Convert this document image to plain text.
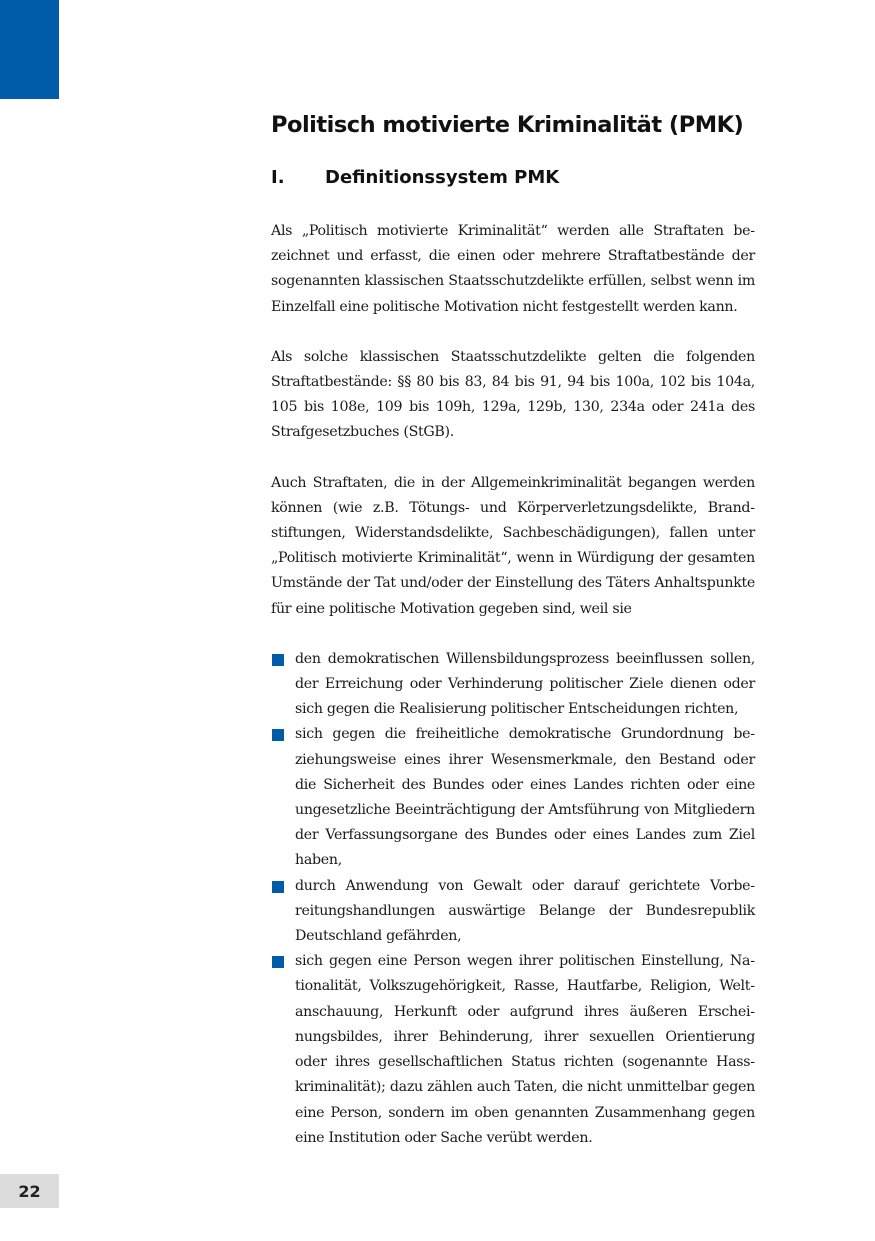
Politisch motivierte Kriminalität (PMK)
I.	Definitionssystem PMK

Als „Politisch motivierte Kriminalität“ werden alle Straftaten bezeichnet und erfasst, die einen oder mehrere Straftatbestände der sogenannten klassischen Staatsschutzdelikte erfüllen, selbst wenn im Einzelfall eine politische Motivation nicht festgestellt werden kann.

Als solche klassischen Staatsschutzdelikte gelten die folgenden Straftatbestände: §§ 80 bis 83, 84 bis 91, 94 bis 100a, 102 bis 104a, 105 bis 108e, 109 bis 109h, 129a, 129b, 130, 234a oder 241a des Strafgesetzbuches (StGB).

Auch Straftaten, die in der Allgemeinkriminalität begangen werden können (wie z.B. Tötungs- und Körperverletzungsdelikte, Brandstiftungen, Widerstandsdelikte, Sachbeschädigungen), fallen unter „Politisch motivierte Kriminalität“, wenn in Würdigung der gesamten Umstände der Tat und/oder der Einstellung des Täters Anhaltspunkte für eine politische Motivation gegeben sind, weil sie

den demokratischen Willensbildungsprozess beeinflussen sollen, der Erreichung oder Verhinderung politischer Ziele dienen oder sich gegen die Realisierung politischer Entscheidungen richten,
sich gegen die freiheitliche demokratische Grundordnung beziehungsweise eines ihrer Wesensmerkmale, den Bestand oder die Sicherheit des Bundes oder eines Landes richten oder eine ungesetzliche Beeinträchtigung der Amtsführung von Mitgliedern der Verfassungsorgane des Bundes oder eines Landes zum Ziel haben,
durch Anwendung von Gewalt oder darauf gerichtete Vorbereitungshandlungen auswärtige Belange der Bundesrepublik Deutschland gefährden,
sich gegen eine Person wegen ihrer politischen Einstellung, Nationalität, Volkszugehörigkeit, Rasse, Hautfarbe, Religion, Weltanschauung, Herkunft oder aufgrund ihres äußeren Erscheinungsbildes, ihrer Behinderung, ihrer sexuellen Orientierung oder ihres gesellschaftlichen Status richten (sogenannte Hasskriminalität); dazu zählen auch Taten, die nicht unmittelbar gegen eine Person, sondern im oben genannten Zusammenhang gegen eine Institution oder Sache verübt werden.
22
